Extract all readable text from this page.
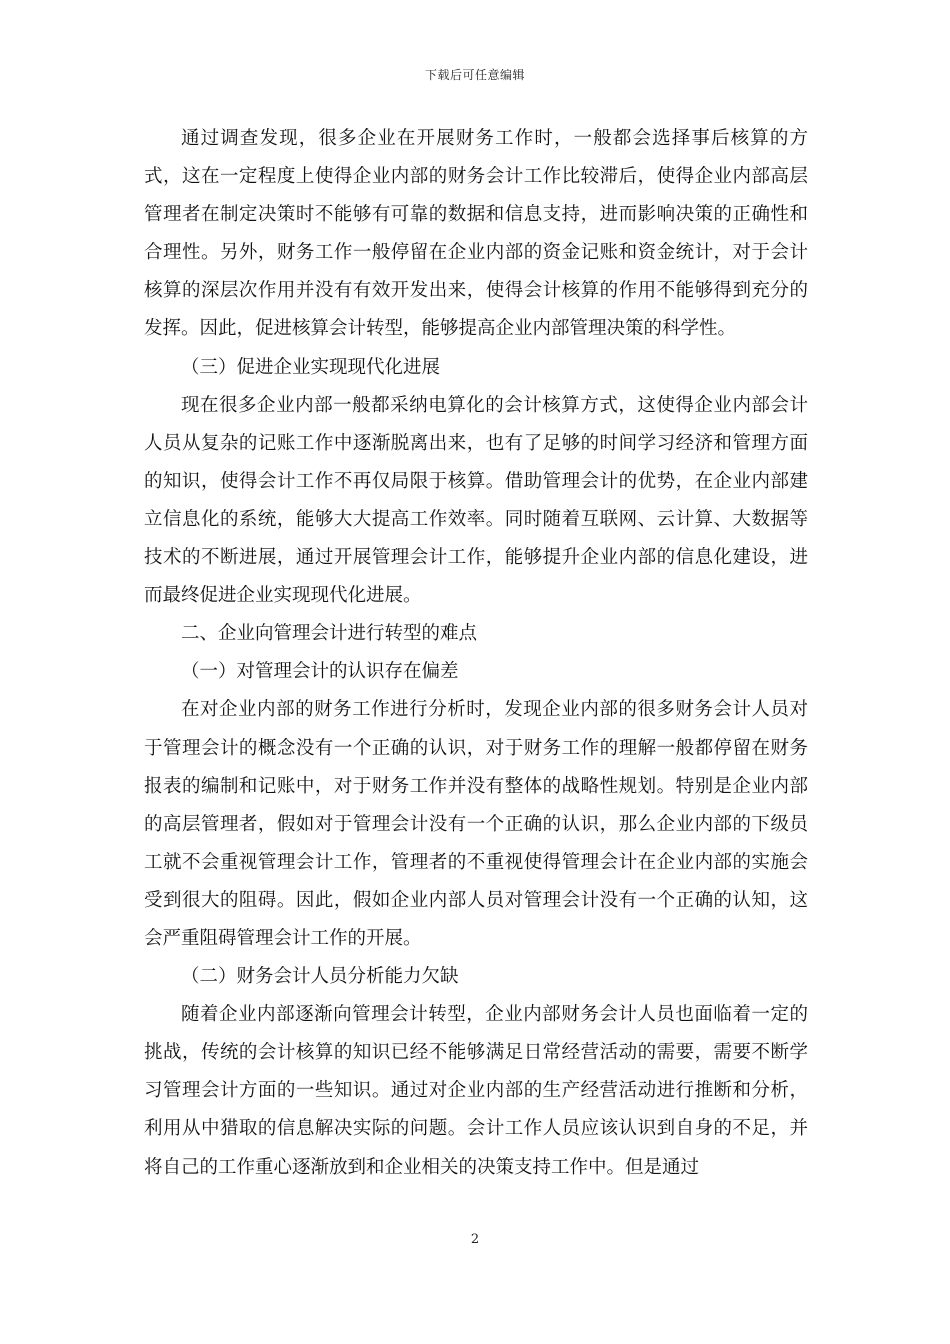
下载后可任意编辑

通过调查发现，很多企业在开展财务工作时，一般都会选择事后核算的方式，这在一定程度上使得企业内部的财务会计工作比较滞后，使得企业内部高层管理者在制定决策时不能够有可靠的数据和信息支持，进而影响决策的正确性和合理性。另外，财务工作一般停留在企业内部的资金记账和资金统计，对于会计核算的深层次作用并没有有效开发出来，使得会计核算的作用不能够得到充分的发挥。因此，促进核算会计转型，能够提高企业内部管理决策的科学性。

（三）促进企业实现现代化进展

现在很多企业内部一般都采纳电算化的会计核算方式，这使得企业内部会计人员从复杂的记账工作中逐渐脱离出来，也有了足够的时间学习经济和管理方面的知识，使得会计工作不再仅局限于核算。借助管理会计的优势，在企业内部建立信息化的系统，能够大大提高工作效率。同时随着互联网、云计算、大数据等技术的不断进展，通过开展管理会计工作，能够提升企业内部的信息化建设，进而最终促进企业实现现代化进展。

二、企业向管理会计进行转型的难点

（一）对管理会计的认识存在偏差

在对企业内部的财务工作进行分析时，发现企业内部的很多财务会计人员对于管理会计的概念没有一个正确的认识，对于财务工作的理解一般都停留在财务报表的编制和记账中，对于财务工作并没有整体的战略性规划。特别是企业内部的高层管理者，假如对于管理会计没有一个正确的认识，那么企业内部的下级员工就不会重视管理会计工作，管理者的不重视使得管理会计在企业内部的实施会受到很大的阻碍。因此，假如企业内部人员对管理会计没有一个正确的认知，这会严重阻碍管理会计工作的开展。

（二）财务会计人员分析能力欠缺

随着企业内部逐渐向管理会计转型，企业内部财务会计人员也面临着一定的挑战，传统的会计核算的知识已经不能够满足日常经营活动的需要，需要不断学习管理会计方面的一些知识。通过对企业内部的生产经营活动进行推断和分析，利用从中猎取的信息解决实际的问题。会计工作人员应该认识到自身的不足，并将自己的工作重心逐渐放到和企业相关的决策支持工作中。但是通过

2
